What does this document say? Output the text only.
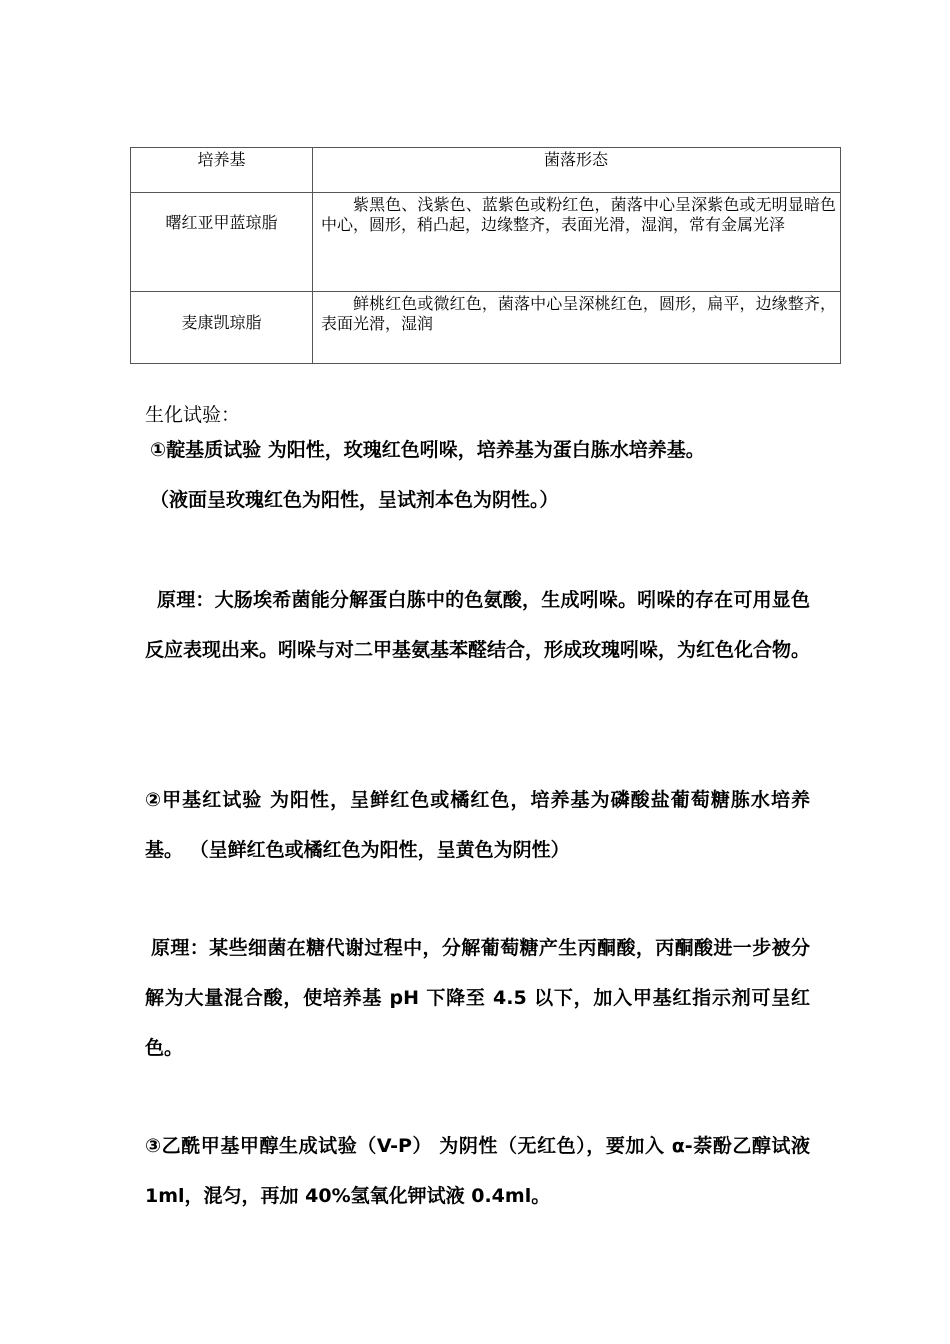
培养基	菌落形态
曙红亚甲蓝琼脂
紫黑色、浅紫色、蓝紫色或粉红色，菌落中心呈深紫色或无明显暗色中心，圆形，稍凸起，边缘整齐，表面光滑，湿润，常有金属光泽
麦康凯琼脂
鲜桃红色或微红色，菌落中心呈深桃红色，圆形，扁平，边缘整齐，表面光滑，湿润
生化试验：
①靛基质试验 为阳性，玫瑰红色吲哚，培养基为蛋白胨水培养基。
（液面呈玫瑰红色为阳性，呈试剂本色为阴性。）
原理：大肠埃希菌能分解蛋白胨中的色氨酸，生成吲哚。吲哚的存在可用显色反应表现出来。吲哚与对二甲基氨基苯醛结合，形成玫瑰吲哚，为红色化合物。
②甲基红试验 为阳性，呈鲜红色或橘红色，培养基为磷酸盐葡萄糖胨水培养基。 （呈鲜红色或橘红色为阳性，呈黄色为阴性）
原理：某些细菌在糖代谢过程中，分解葡萄糖产生丙酮酸，丙酮酸进一步被分解为大量混合酸，使培养基 pH 下降至 4.5 以下，加入甲基红指示剂可呈红色。
③乙酰甲基甲醇生成试验（V-P） 为阴性（无红色），要加入 α-萘酚乙醇试液 1ml，混匀，再加 40%氢氧化钾试液 0.4ml。
